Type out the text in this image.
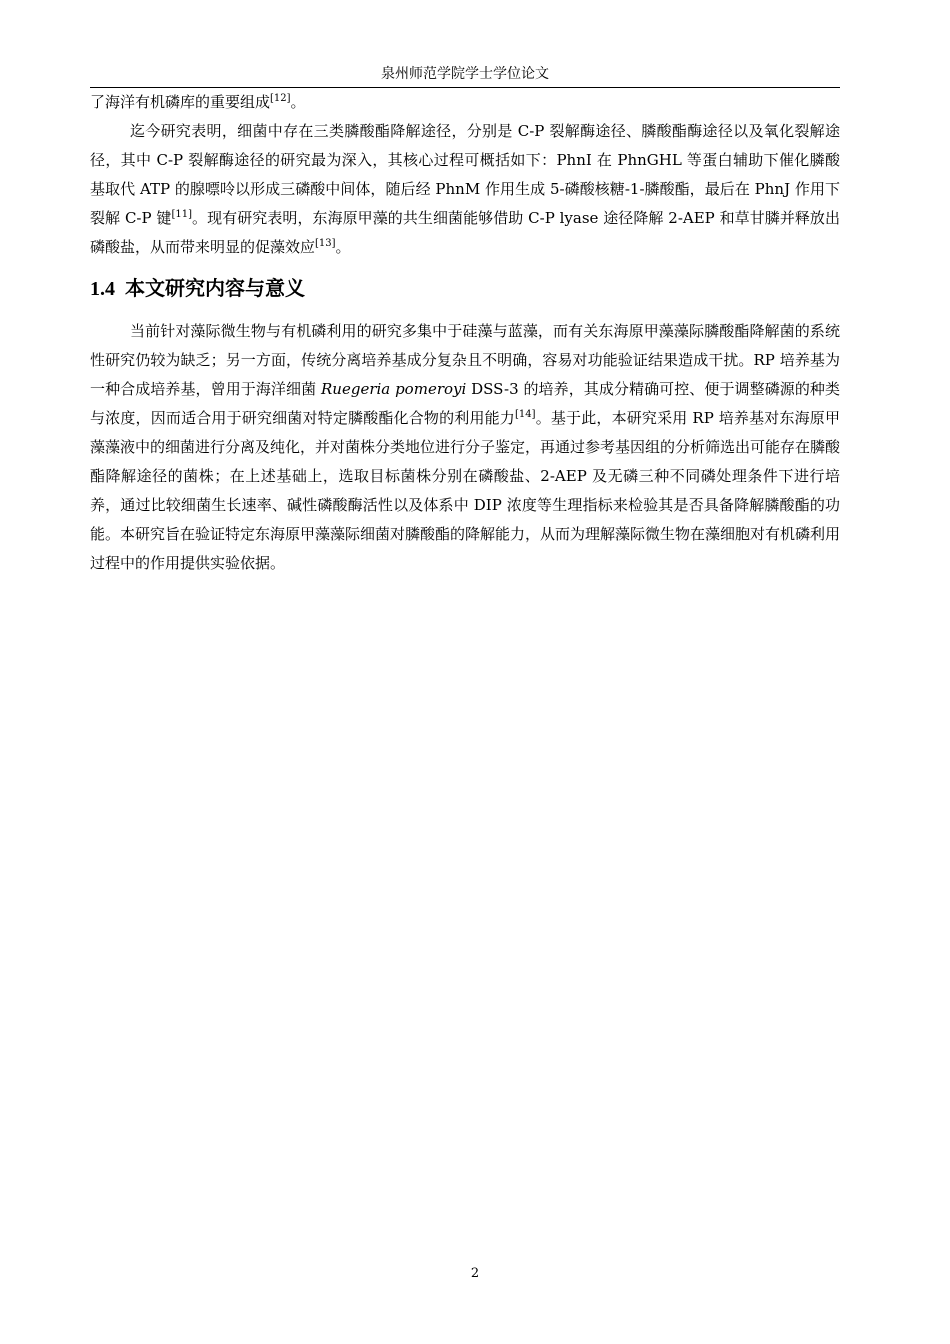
泉州师范学院学士学位论文

了海洋有机磷库的重要组成[12]。

迄今研究表明，细菌中存在三类膦酸酯降解途径，分别是 C-P 裂解酶途径、膦酸酯酶途径以及氧化裂解途径，其中 C-P 裂解酶途径的研究最为深入，其核心过程可概括如下：PhnI 在 PhnGHL 等蛋白辅助下催化膦酸基取代 ATP 的腺嘌呤以形成三磷酸中间体，随后经 PhnM 作用生成 5-磷酸核糖-1-膦酸酯，最后在 PhnJ 作用下裂解 C-P 键[11]。现有研究表明，东海原甲藻的共生细菌能够借助 C-P lyase 途径降解 2-AEP 和草甘膦并释放出磷酸盐，从而带来明显的促藻效应[13]。

1.4 本文研究内容与意义

当前针对藻际微生物与有机磷利用的研究多集中于硅藻与蓝藻，而有关东海原甲藻藻际膦酸酯降解菌的系统性研究仍较为缺乏；另一方面，传统分离培养基成分复杂且不明确，容易对功能验证结果造成干扰。RP 培养基为一种合成培养基，曾用于海洋细菌 Ruegeria pomeroyi DSS-3 的培养，其成分精确可控、便于调整磷源的种类与浓度，因而适合用于研究细菌对特定膦酸酯化合物的利用能力[14]。基于此，本研究采用 RP 培养基对东海原甲藻藻液中的细菌进行分离及纯化，并对菌株分类地位进行分子鉴定，再通过参考基因组的分析筛选出可能存在膦酸酯降解途径的菌株；在上述基础上，选取目标菌株分别在磷酸盐、2-AEP 及无磷三种不同磷处理条件下进行培养，通过比较细菌生长速率、碱性磷酸酶活性以及体系中 DIP 浓度等生理指标来检验其是否具备降解膦酸酯的功能。本研究旨在验证特定东海原甲藻藻际细菌对膦酸酯的降解能力，从而为理解藻际微生物在藻细胞对有机磷利用过程中的作用提供实验依据。

2
